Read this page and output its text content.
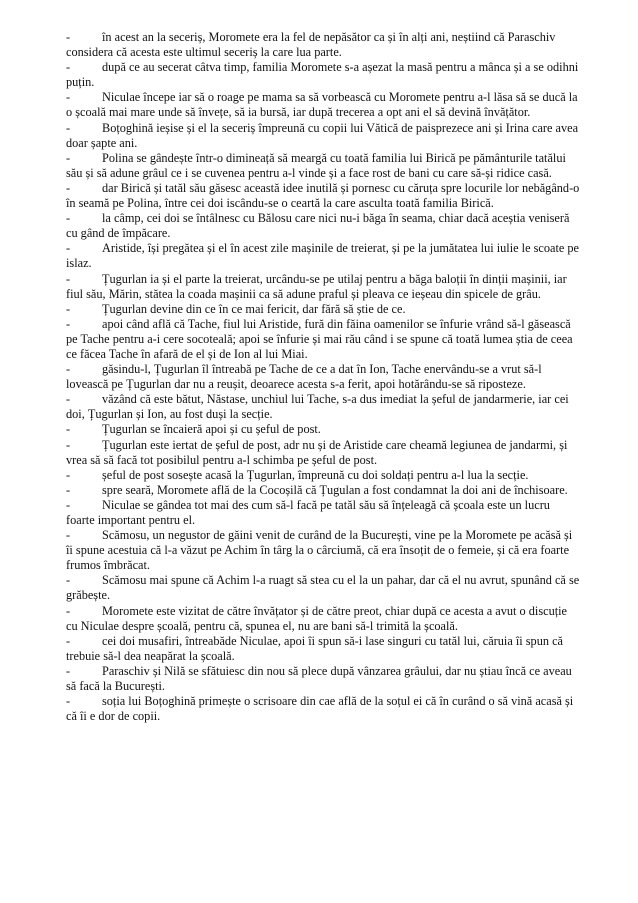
-	în acest an la seceriș, Moromete era la fel de nepăsător ca și în alți ani, neștiind că Paraschiv considera că acesta este ultimul seceriș la care lua parte.

-	după ce au secerat câtva timp, familia Moromete s-a așezat la masă pentru a mânca și a se odihni puțin.

-	Niculae începe iar să o roage pe mama sa să vorbească cu Moromete pentru a-l lăsa să se ducă la o școală mai mare unde să învețe, să ia bursă, iar după trecerea a opt ani el să devină învățător.

-	Boțoghină ieșise și el la seceriș împreună cu copii lui Vătică de paisprezece ani și Irina care avea doar șapte ani.

-	Polina se gândește într-o dimineață să meargă cu toată familia lui Birică pe pământurile tatălui său și să adune grâul ce i se cuvenea pentru a-l vinde și a face rost de bani cu care să-și ridice casă.

-	dar Birică și tatăl său găsesc această idee inutilă și pornesc cu căruța spre locurile lor nebăgând-o în seamă pe Polina, între cei doi iscându-se o ceartă la care asculta toată familia Birică.

-	la câmp, cei doi se întâlnesc cu Bălosu care nici nu-i băga în seama, chiar dacă aceștia veniseră cu gând de împăcare.

-	Aristide, își pregătea și el în acest zile mașinile de treierat, și pe la jumătatea lui iulie le scoate pe islaz.

-	Țugurlan ia și el parte la treierat, urcându-se pe utilaj pentru a băga baloții în dinții mașinii, iar fiul său, Mărin, stătea la coada mașinii ca să adune praful și pleava ce ieșeau din spicele de grâu.

-	Țugurlan devine din ce în ce mai fericit, dar fără să știe de ce.

-	apoi când află că Tache, fiul lui Aristide, fură din făina oamenilor se înfurie vrând să-l găsească pe Tache pentru a-i cere socoteală; apoi se înfurie și mai rău când i se spune că toată lumea știa de ceea ce făcea Tache în afară de el și de Ion al lui Miai.

-	găsindu-l, Țugurlan îl întreabă pe Tache de ce a dat în Ion, Tache enervându-se a vrut să-l lovească pe Țugurlan dar nu a reușit, deoarece acesta s-a ferit, apoi hotărându-se să riposteze.

-	văzând că este bătut, Năstase, unchiul lui Tache, s-a dus imediat la șeful de jandarmerie, iar cei doi, Țugurlan și Ion, au fost duși la secție.

-	Țugurlan se încaieră apoi și cu șeful de post.

-	Țugurlan este iertat de șeful de post, adr nu și de Aristide care cheamă legiunea de jandarmi, și vrea să să facă tot posibilul pentru a-l schimba pe șeful de post.

-	șeful de post sosește acasă la Țugurlan, împreună cu doi soldați pentru a-l lua la secție.

-	spre seară, Moromete află de la Cocoșilă că Țugulan a fost condamnat la doi ani de închisoare.

-	Niculae se gândea tot mai des cum să-l facă pe tatăl său să înțeleagă că școala este un lucru foarte important pentru el.

-	Scămosu, un negustor de găini venit de curând de la București, vine pe la Moromete pe acăsă și îi spune acestuia că l-a văzut pe Achim în târg la o cârciumă, că era însoțit de o femeie, și că era foarte frumos îmbrăcat.

-	Scămosu mai spune că Achim l-a ruagt să stea cu el la un pahar, dar că el nu avrut, spunând că se grăbește.

-	Moromete este vizitat de către învățator și de către preot, chiar după ce acesta a avut o discuție cu Niculae despre școală, pentru că, spunea el, nu are bani să-l trimită la școală.

-	cei doi musafiri, întreabăde Niculae, apoi îi spun să-i lase singuri cu tatăl lui, căruia îi spun că trebuie să-l dea neapărat la școală.

-	Paraschiv și Nilă se sfătuiesc din nou să plece după vânzarea grâului, dar nu știau încă ce aveau să facă la București.

-	soția lui Boțoghină primește o scrisoare din cae află de la soțul ei că în curând o să vină acasă și că îi e dor de copii.
